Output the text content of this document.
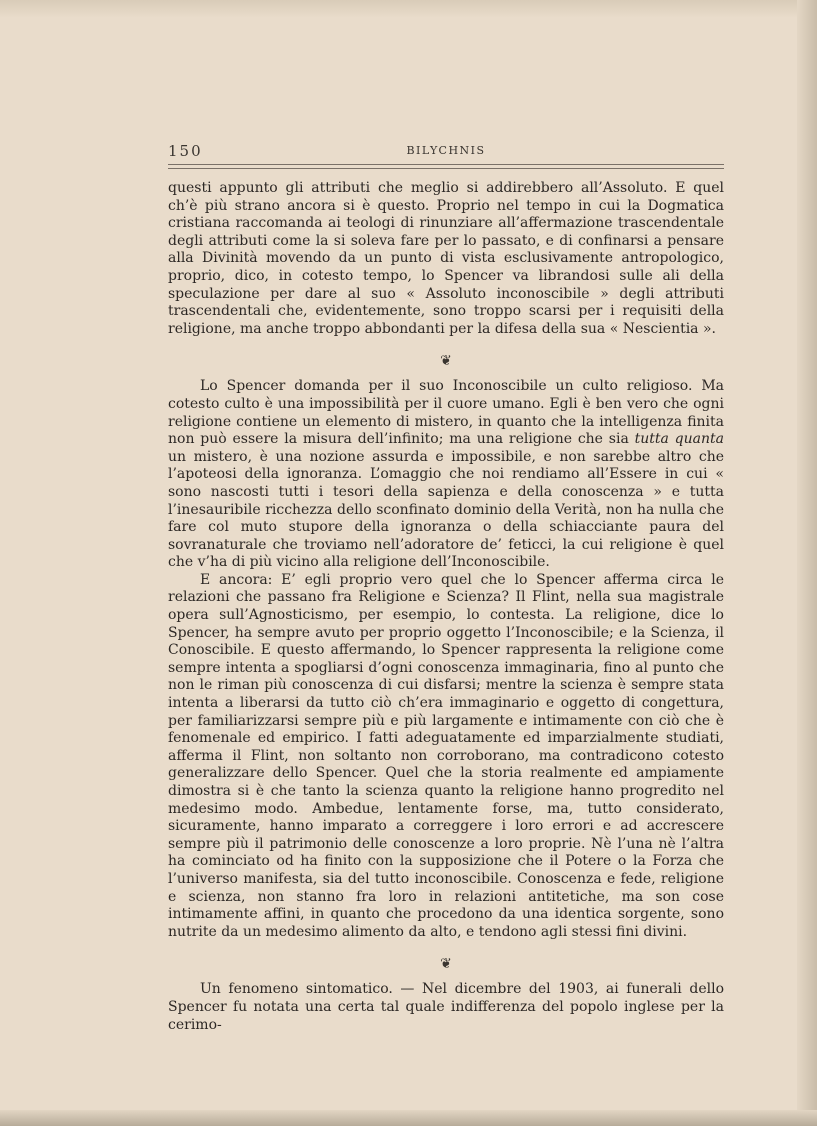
150	BILYCHNIS

questi appunto gli attributi che meglio si addirebbero all’Assoluto. E quel ch’è più strano ancora si è questo. Proprio nel tempo in cui la Dogmatica cristiana raccomanda ai teologi di rinunziare all’affermazione trascendentale degli attributi come la si soleva fare per lo passato, e di confinarsi a pensare alla Divinità movendo da un punto di vista esclusivamente antropologico, proprio, dico, in cotesto tempo, lo Spencer va librandosi sulle ali della speculazione per dare al suo « Assoluto inconoscibile » degli attributi trascendentali che, evidentemente, sono troppo scarsi per i requisiti della religione, ma anche troppo abbondanti per la difesa della sua « Nescientia ».

❦

Lo Spencer domanda per il suo Inconoscibile un culto religioso. Ma cotesto culto è una impossibilità per il cuore umano. Egli è ben vero che ogni religione contiene un elemento di mistero, in quanto che la intelligenza finita non può essere la misura dell’infinito; ma una religione che sia tutta quanta un mistero, è una nozione assurda e impossibile, e non sarebbe altro che l’apoteosi della ignoranza. L’omaggio che noi rendiamo all’Essere in cui « sono nascosti tutti i tesori della sapienza e della conoscenza » e tutta l’inesauribile ricchezza dello sconfinato dominio della Verità, non ha nulla che fare col muto stupore della ignoranza o della schiacciante paura del sovranaturale che troviamo nell’adoratore de’ feticci, la cui religione è quel che v’ha di più vicino alla religione dell’Inconoscibile.

E ancora: E’ egli proprio vero quel che lo Spencer afferma circa le relazioni che passano fra Religione e Scienza? Il Flint, nella sua magistrale opera sull’Agnosticismo, per esempio, lo contesta. La religione, dice lo Spencer, ha sempre avuto per proprio oggetto l’Inconoscibile; e la Scienza, il Conoscibile. E questo affermando, lo Spencer rappresenta la religione come sempre intenta a spogliarsi d’ogni conoscenza immaginaria, fino al punto che non le riman più conoscenza di cui disfarsi; mentre la scienza è sempre stata intenta a liberarsi da tutto ciò ch’era immaginario e oggetto di congettura, per familiarizzarsi sempre più e più largamente e intimamente con ciò che è fenomenale ed empirico. I fatti adeguatamente ed imparzialmente studiati, afferma il Flint, non soltanto non corroborano, ma contradicono cotesto generalizzare dello Spencer. Quel che la storia realmente ed ampiamente dimostra si è che tanto la scienza quanto la religione hanno progredito nel medesimo modo. Ambedue, lentamente forse, ma, tutto considerato, sicuramente, hanno imparato a correggere i loro errori e ad accrescere sempre più il patrimonio delle conoscenze a loro proprie. Nè l’una nè l’altra ha cominciato od ha finito con la supposizione che il Potere o la Forza che l’universo manifesta, sia del tutto inconoscibile. Conoscenza e fede, religione e scienza, non stanno fra loro in relazioni antitetiche, ma son cose intimamente affini, in quanto che procedono da una identica sorgente, sono nutrite da un medesimo alimento da alto, e tendono agli stessi fini divini.

❦

Un fenomeno sintomatico. — Nel dicembre del 1903, ai funerali dello Spencer fu notata una certa tal quale indifferenza del popolo inglese per la cerimo-
